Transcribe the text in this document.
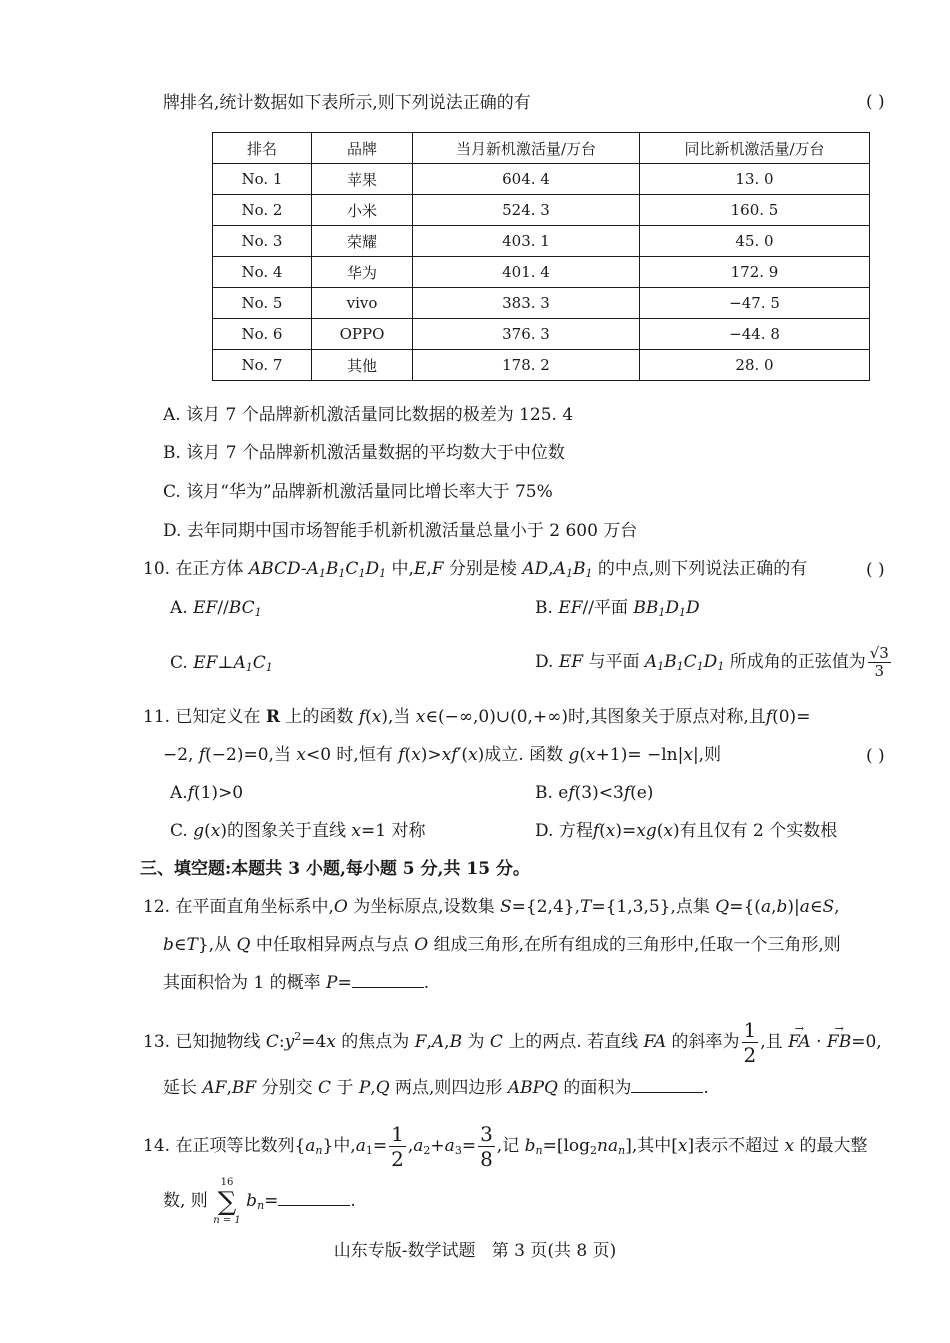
牌排名,统计数据如下表所示,则下列说法正确的有	( )
排名	品牌	当月新机激活量/万台	同比新机激活量/万台
No. 1	苹果	604. 4	13. 0
No. 2	小米	524. 3	160. 5
No. 3	荣耀	403. 1	45. 0
No. 4	华为	401. 4	172. 9
No. 5	vivo	383. 3	−47. 5
No. 6	OPPO	376. 3	−44. 8
No. 7	其他	178. 2	28. 0
A. 该月 7 个品牌新机激活量同比数据的极差为 125. 4
B. 该月 7 个品牌新机激活量数据的平均数大于中位数
C. 该月“华为”品牌新机激活量同比增长率大于 75%
D. 去年同期中国市场智能手机新机激活量总量小于 2 600 万台
10. 在正方体 ABCD-$A_1B_1C_1D_1$ 中,E,F 分别是棱 $AD,A_1B_1$ 的中点,则下列说法正确的有	( )
A. $EF//BC_1$	B. EF//平面 $BB_1D_1D$
C. $EF\perp A_1C_1$	D. EF 与平面 $A_1B_1C_1D_1$ 所成角的正弦值为 $\frac{√3}{3}$
11. 已知定义在 R 上的函数 f(x),当 x∈(−∞,0)∪(0,+∞)时,其图象关于原点对称,且f(0)=
−2, f(−2)=0,当 x<0 时,恒有 f(x)>xf′(x)成立. 函数 g(x+1)= −ln|x|,则	( )
A.f(1)>0	B. ef(3)<3f(e)
C. g(x)的图象关于直线 x=1 对称	D. 方程f(x)=xg(x)有且仅有 2 个实数根
三、填空题:本题共 3 小题,每小题 5 分,共 15 分。
12. 在平面直角坐标系中,O 为坐标原点,设数集 S={2,4},T={1,3,5},点集 Q={(a,b)|a∈S,
b∈T},从 Q 中任取相异两点与点 O 组成三角形,在所有组成的三角形中,任取一个三角形,则
其面积恰为 1 的概率 P=	.
13. 已知抛物线 $C:y^2=4x$ 的焦点为 F,A,B 为 C 上的两点. 若直线 FA 的斜率为 $\frac{1}{2}$ ,且 → FA · → FB=0,
延长 AF,BF 分别交 C 于 P,Q 两点,则四边形 ABPQ 的面积为	.
14. 在正项等比数列$\{a_n\}$中$,a_1= \frac{1}{2} ,a_2+a_3= \frac{3}{8}$ ,记 $b_n=[\log_2na_n]$,其中[x]表示不超过 x 的最大整
数, 则
16
∑
n = 1
$b_n=$	.
山东专版-数学试题 第 3 页(共 8 页)
